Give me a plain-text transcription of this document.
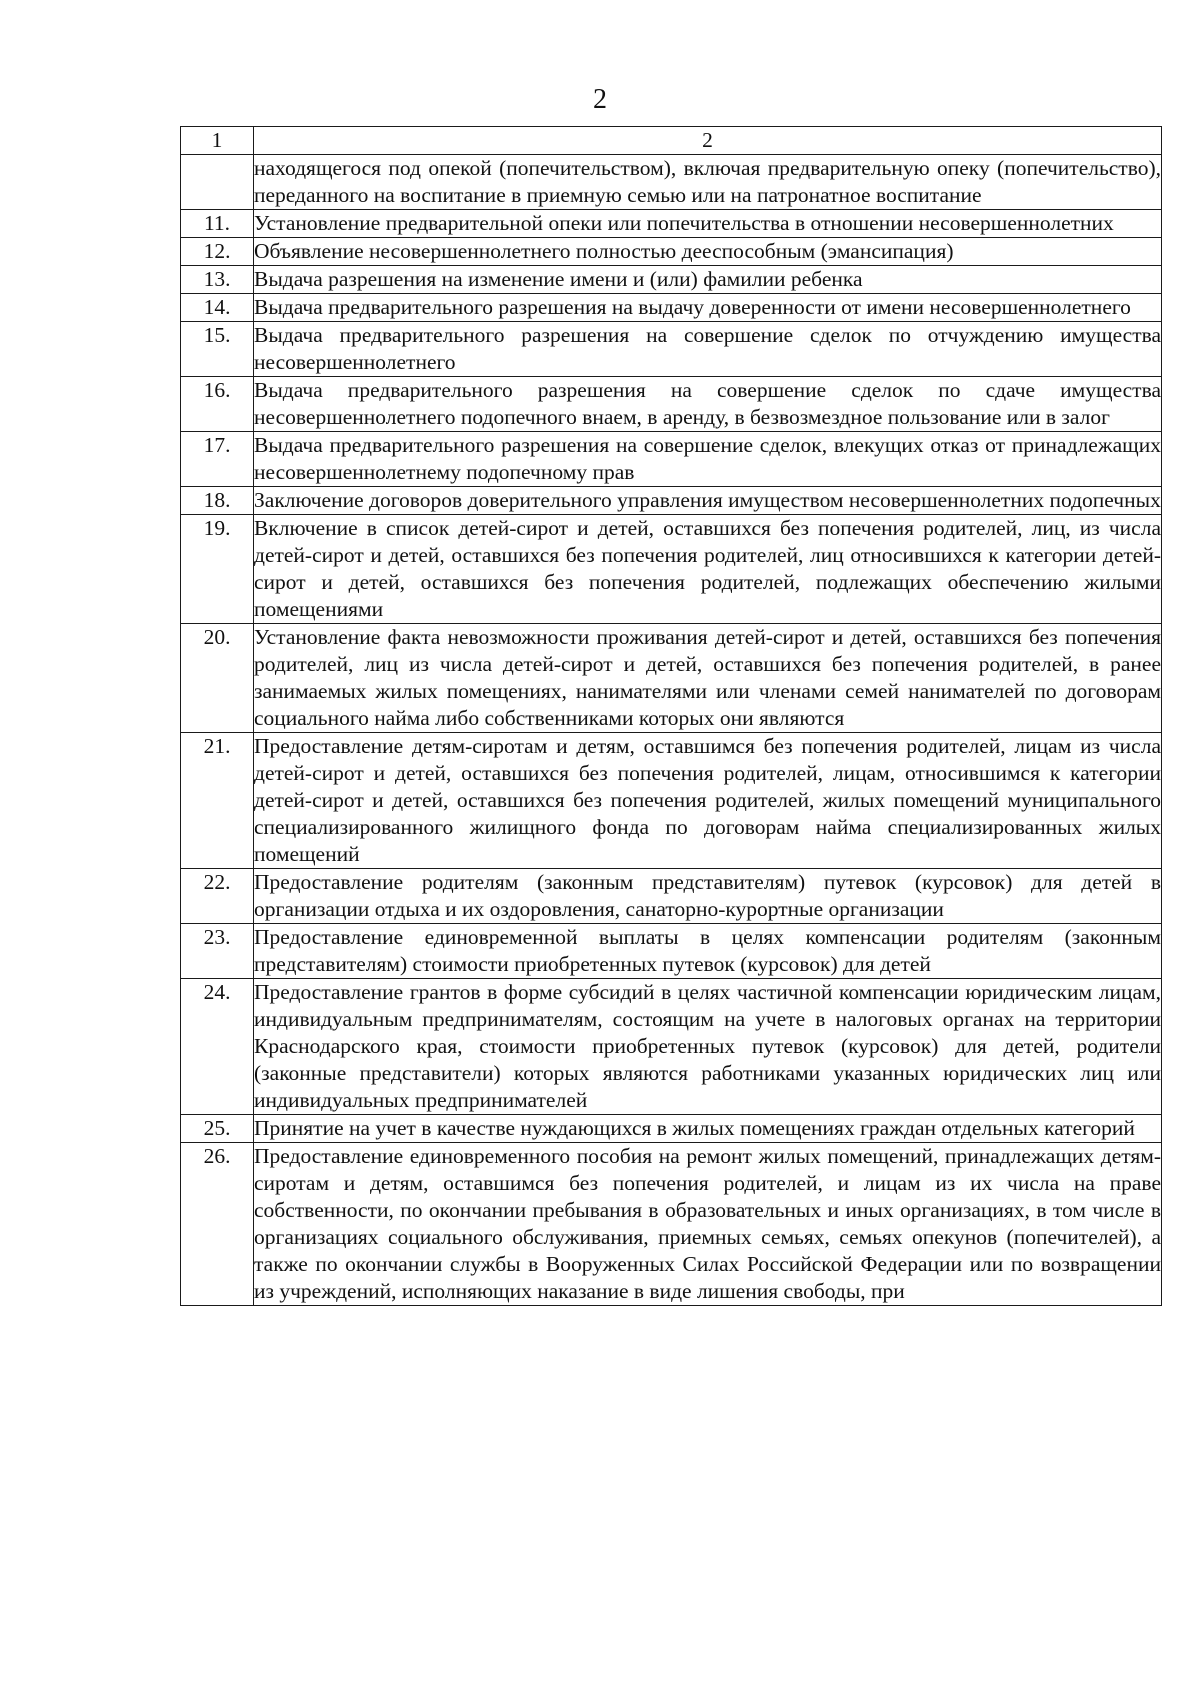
2
1	2
	находящегося под опекой (попечительством), включая предварительную опеку (попечительство), переданного на воспитание в приемную семью или на патронатное воспитание
11.	Установление предварительной опеки или попечительства в отношении несовершеннолетних
12.	Объявление несовершеннолетнего полностью дееспособным (эмансипация)
13.	Выдача разрешения на изменение имени и (или) фамилии ребенка
14.	Выдача предварительного разрешения на выдачу доверенности от имени несовершеннолетнего
15.	Выдача предварительного разрешения на совершение сделок по отчуждению имущества несовершеннолетнего
16.	Выдача предварительного разрешения на совершение сделок по сдаче имущества несовершеннолетнего подопечного внаем, в аренду, в безвозмездное пользование или в залог
17.	Выдача предварительного разрешения на совершение сделок, влекущих отказ от принадлежащих несовершеннолетнему подопечному прав
18.	Заключение договоров доверительного управления имуществом несовершеннолетних подопечных
19.	Включение в список детей-сирот и детей, оставшихся без попечения родителей, лиц, из числа детей-сирот и детей, оставшихся без попечения родителей, лиц относившихся к категории детей-сирот и детей, оставшихся без попечения родителей, подлежащих обеспечению жилыми помещениями
20.	Установление факта невозможности проживания детей-сирот и детей, оставшихся без попечения родителей, лиц из числа детей-сирот и детей, оставшихся без попечения родителей, в ранее занимаемых жилых помещениях, нанимателями или членами семей нанимателей по договорам социального найма либо собственниками которых они являются
21.	Предоставление детям-сиротам и детям, оставшимся без попечения родителей, лицам из числа детей-сирот и детей, оставшихся без попечения родителей, лицам, относившимся к категории детей-сирот и детей, оставшихся без попечения родителей, жилых помещений муниципального специализированного жилищного фонда по договорам найма специализированных жилых помещений
22.	Предоставление родителям (законным представителям) путевок (курсовок) для детей в организации отдыха и их оздоровления, санаторно-курортные организации
23.	Предоставление единовременной выплаты в целях компенсации родителям (законным представителям) стоимости приобретенных путевок (курсовок) для детей
24.	Предоставление грантов в форме субсидий в целях частичной компенсации юридическим лицам, индивидуальным предпринимателям, состоящим на учете в налоговых органах на территории Краснодарского края, стоимости приобретенных путевок (курсовок) для детей, родители (законные представители) которых являются работниками указанных юридических лиц или индивидуальных предпринимателей
25.	Принятие на учет в качестве нуждающихся в жилых помещениях граждан отдельных категорий
26.	Предоставление единовременного пособия на ремонт жилых помещений, принадлежащих детям-сиротам и детям, оставшимся без попечения родителей, и лицам из их числа на праве собственности, по окончании пребывания в образовательных и иных организациях, в том числе в организациях социального обслуживания, приемных семьях, семьях опекунов (попечителей), а также по окончании службы в Вооруженных Силах Российской Федерации или по возвращении из учреждений, исполняющих наказание в виде лишения свободы, при
